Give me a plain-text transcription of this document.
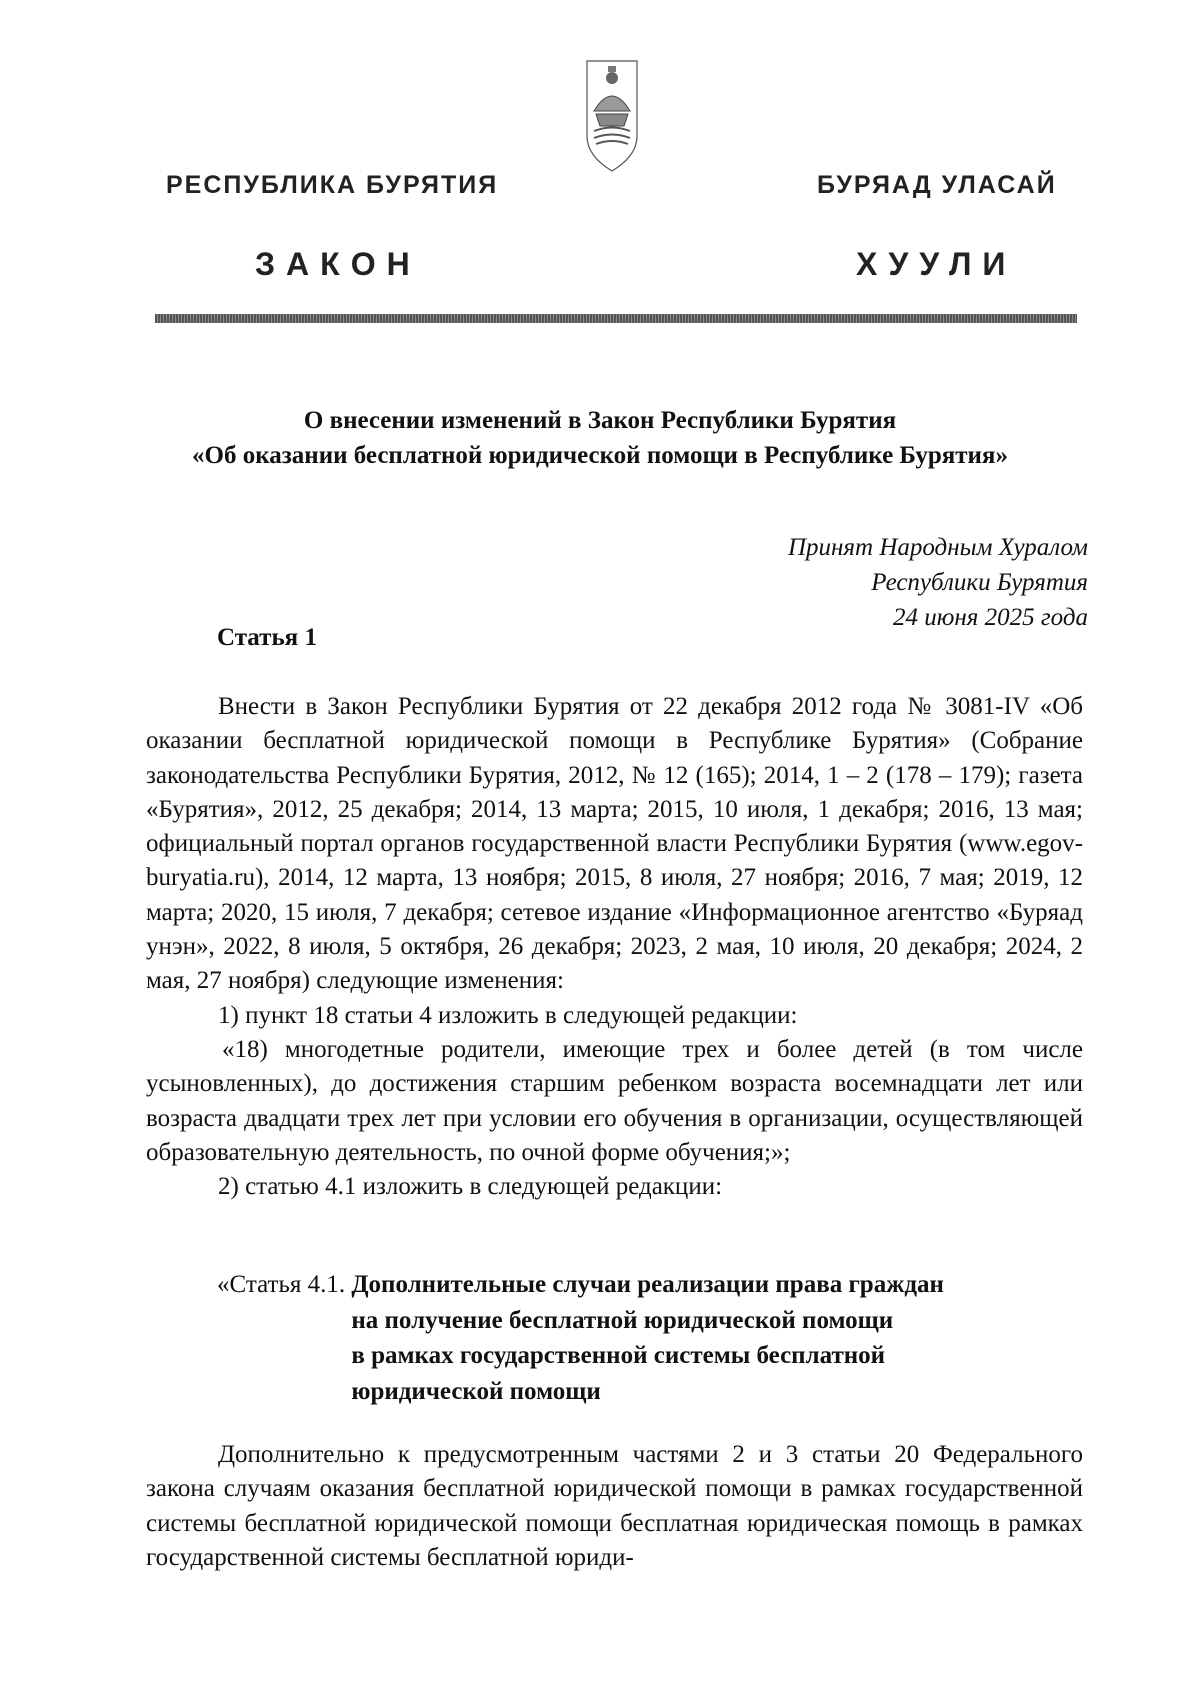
РЕСПУБЛИКА БУРЯТИЯ	БУРЯАД УЛАСАЙ
ЗАКОН	ХУУЛИ
О внесении изменений в Закон Республики Бурятия
«Об оказании бесплатной юридической помощи в Республике Бурятия»
Принят Народным Хуралом
Республики Бурятия
24 июня 2025 года
Статья 1

Внести в Закон Республики Бурятия от 22 декабря 2012 года № 3081-IV «Об оказании бесплатной юридической помощи в Республике Бурятия» (Собрание законодательства Республики Бурятия, 2012, № 12 (165); 2014, 1 – 2 (178 – 179); газета «Бурятия», 2012, 25 декабря; 2014, 13 марта; 2015, 10 июля, 1 декабря; 2016, 13 мая; официальный портал органов государственной власти Республики Бурятия (www.egov-buryatia.ru), 2014, 12 марта, 13 ноября; 2015, 8 июля, 27 ноября; 2016, 7 мая; 2019, 12 марта; 2020, 15 июля, 7 декабря; сетевое издание «Информационное агентство «Буряад унэн», 2022, 8 июля, 5 октября, 26 декабря; 2023, 2 мая, 10 июля, 20 декабря; 2024, 2 мая, 27 ноября) следующие изменения:

1) пункт 18 статьи 4 изложить в следующей редакции:

«18) многодетные родители, имеющие трех и более детей (в том числе усыновленных), до достижения старшим ребенком возраста восемнадцати лет или возраста двадцати трех лет при условии его обучения в организации, осуществляющей образовательную деятельность, по очной форме обучения;»;

2) статью 4.1 изложить в следующей редакции:

«Статья 4.1. Дополнительные случаи реализации права граждан
на получение бесплатной юридической помощи
в рамках государственной системы бесплатной
юридической помощи

Дополнительно к предусмотренным частями 2 и 3 статьи 20 Федерального закона случаям оказания бесплатной юридической помощи в рамках государственной системы бесплатной юридической помощи бесплатная юридическая помощь в рамках государственной системы бесплатной юриди-
